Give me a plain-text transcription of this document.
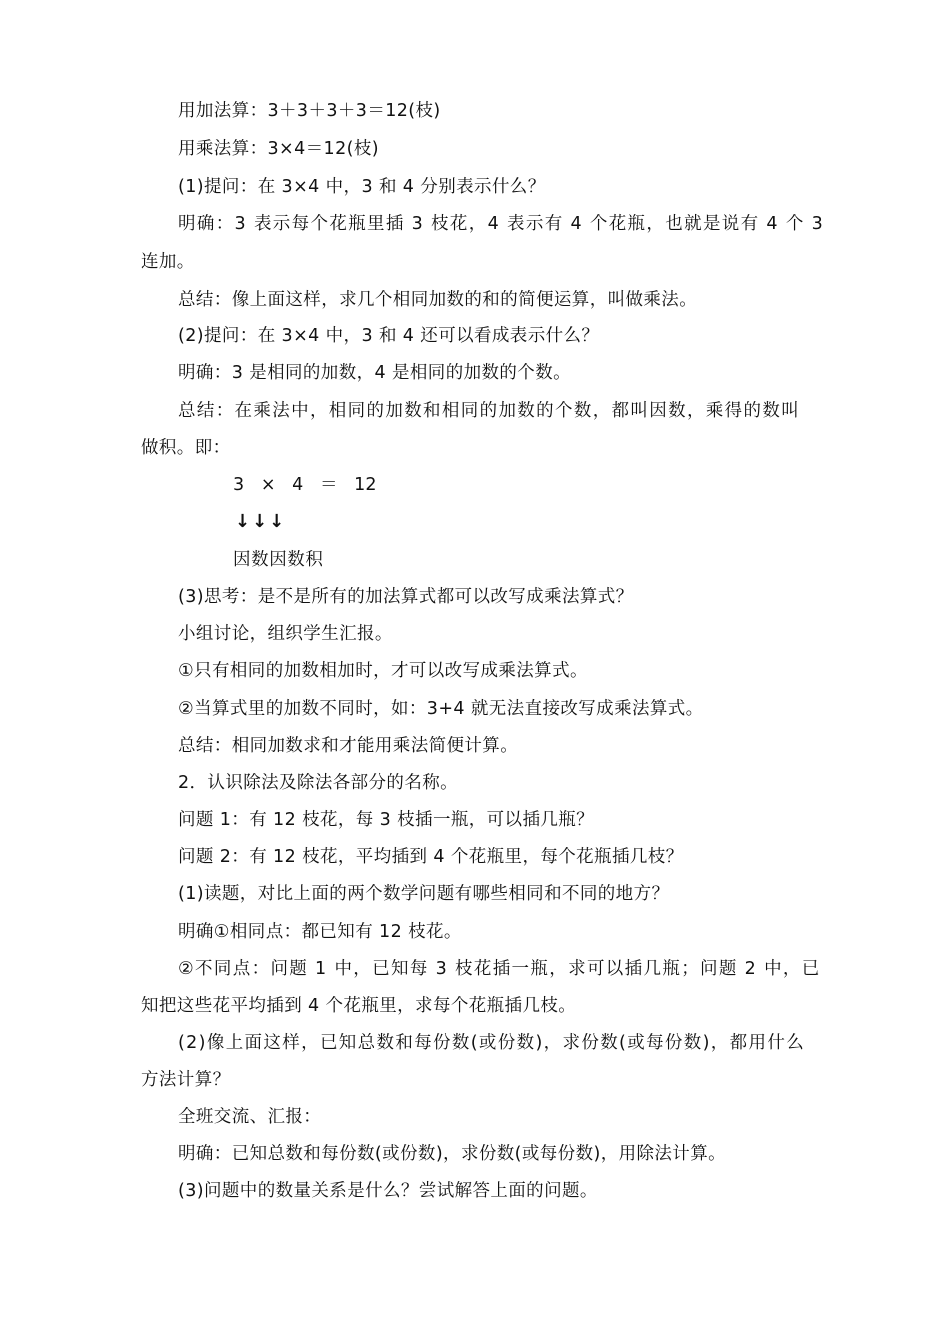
用加法算：3＋3＋3＋3＝12(枝)
用乘法算：3×4＝12(枝)
(1)提问：在 3×4 中，3 和 4 分别表示什么？
明确：3 表示每个花瓶里插 3 枝花，4 表示有 4 个花瓶，也就是说有 4 个 3
连加。
总结：像上面这样，求几个相同加数的和的简便运算，叫做乘法。
(2)提问：在 3×4 中，3 和 4 还可以看成表示什么？
明确：3 是相同的加数，4 是相同的加数的个数。
总结：在乘法中，相同的加数和相同的加数的个数，都叫因数，乘得的数叫
做积。即：
3   ×   4   ＝   12
↓↓↓
因数因数积
(3)思考：是不是所有的加法算式都可以改写成乘法算式？
小组讨论，组织学生汇报。
①只有相同的加数相加时，才可以改写成乘法算式。
②当算式里的加数不同时，如：3+4 就无法直接改写成乘法算式。
总结：相同加数求和才能用乘法简便计算。
2．认识除法及除法各部分的名称。
问题 1：有 12 枝花，每 3 枝插一瓶，可以插几瓶？
问题 2：有 12 枝花，平均插到 4 个花瓶里，每个花瓶插几枝？
(1)读题，对比上面的两个数学问题有哪些相同和不同的地方？
明确①相同点：都已知有 12 枝花。
②不同点：问题 1 中，已知每 3 枝花插一瓶，求可以插几瓶；问题 2 中，已
知把这些花平均插到 4 个花瓶里，求每个花瓶插几枝。
(2)像上面这样，已知总数和每份数(或份数)，求份数(或每份数)，都用什么
方法计算？
全班交流、汇报：
明确：已知总数和每份数(或份数)，求份数(或每份数)，用除法计算。
(3)问题中的数量关系是什么？尝试解答上面的问题。
